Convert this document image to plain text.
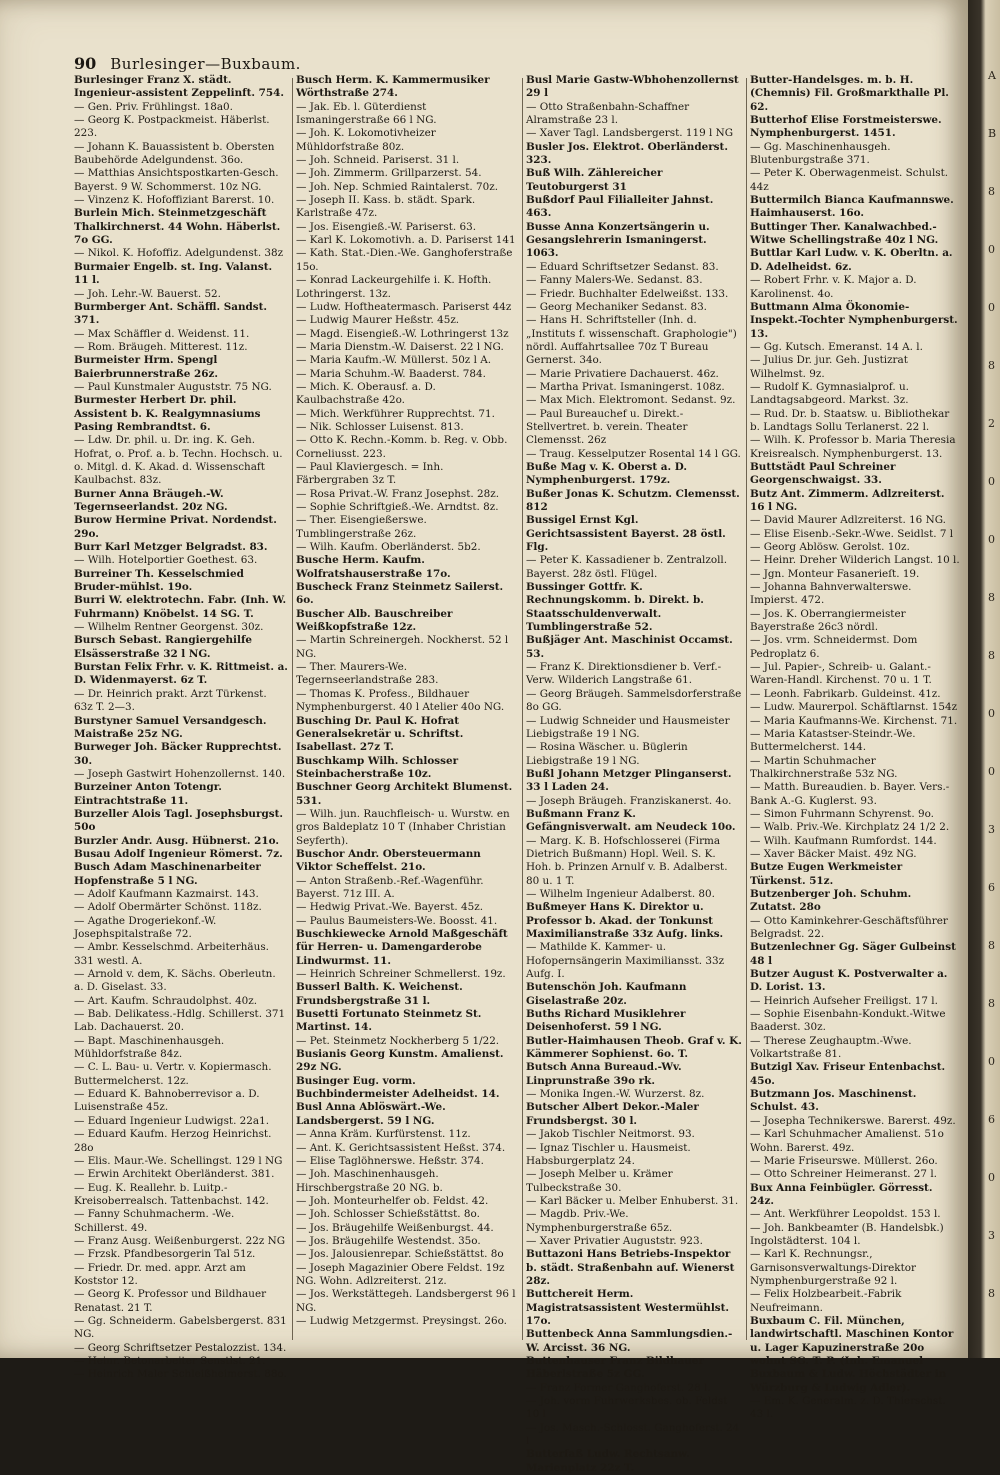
90 Burlesinger—Buxbaum.
Burlesinger Franz X. städt. Ingenieur-assistent Zeppelinft. 754.
— Gen. Priv. Frühlingst. 18a0.
— Georg K. Postpackmeist. Häberlst. 223.
— Johann K. Bauassistent b. Obersten Baubehörde Adelgundenst. 36o.
— Matthias Ansichtspostkarten-Gesch. Bayerst. 9 W. Schommerst. 10z NG.
— Vinzenz K. Hofoffiziant Barerst. 10.
Burlein Mich. Steinmetzgeschäft Thalkirchnerst. 44 Wohn. Häberlst. 7o GG.
— Nikol. K. Hofoffiz. Adelgundenst. 38z
Burmaier Engelb. st. Ing. Valanst. 11 l.
— Joh. Lehr.-W. Bauerst. 52.
Burmberger Ant. Schäffl. Sandst. 371.
— Max Schäffler d. Weidenst. 11.
— Rom. Bräugeh. Mitterest. 11z.
Burmeister Hrm. Spengl Baierbrunnerstraße 26z.
— Paul Kunstmaler Auguststr. 75 NG.
Burmester Herbert Dr. phil. Assistent b. K. Realgymnasiums Pasing Rembrandtst. 6.
— Ldw. Dr. phil. u. Dr. ing. K. Geh. Hofrat, o. Prof. a. b. Techn. Hochsch. u. o. Mitgl. d. K. Akad. d. Wissenschaft Kaulbachst. 83z.
Burner Anna Bräugeh.-W. Tegernseerlandst. 20z NG.
Burow Hermine Privat. Nordendst. 29o.
Burr Karl Metzger Belgradst. 83.
— Wilh. Hotelportier Goethest. 63.
Burreiner Th. Kesselschmied Bruder-mühlst. 19o.
Burri W. elektrotechn. Fabr. (Inh. W. Fuhrmann) Knöbelst. 14 SG. T.
— Wilhelm Rentner Georgenst. 30z.
Bursch Sebast. Rangiergehilfe Elsässerstraße 32 l NG.
Burstan Felix Frhr. v. K. Rittmeist. a. D. Widenmayerst. 6z T.
— Dr. Heinrich prakt. Arzt Türkenst. 63z T. 2—3.
Burstyner Samuel Versandgesch. Maistraße 25z NG.
Burweger Joh. Bäcker Rupprechtst. 30.
— Joseph Gastwirt Hohenzollernst. 140.
Burzeiner Anton Totengr. Eintrachtstraße 11.
Burzeller Alois Tagl. Josephsburgst. 50o
Burzler Andr. Ausg. Hübnerst. 21o.
Busau Adolf Ingenieur Römerst. 7z.
Busch Adam Maschinenarbeiter Hopfenstraße 5 l NG.
— Adolf Kaufmann Kazmairst. 143.
— Adolf Obermärter Schönst. 118z.
— Agathe Drogeriekonf.-W. Josephspitalstraße 72.
— Ambr. Kesselschmd. Arbeiterhäus. 331 westl. A.
— Arnold v. dem, K. Sächs. Oberleutn. a. D. Giselast. 33.
— Art. Kaufm. Schraudolphst. 40z.
— Bab. Delikatess.-Hdlg. Schillerst. 371 Lab. Dachauerst. 20.
— Bapt. Maschinenhausgeh. Mühldorfstraße 84z.
— C. L. Bau- u. Vertr. v. Kopiermasch. Buttermelcherst. 12z.
— Eduard K. Bahnoberrevisor a. D. Luisenstraße 45z.
— Eduard Ingenieur Ludwigst. 22a1.
— Eduard Kaufm. Herzog Heinrichst. 28o
— Elis. Maur.-We. Schellingst. 129 l NG
— Erwin Architekt Oberländerst. 381.
— Eug. K. Reallehr. b. Luitp.-Kreisoberrealsch. Tattenbachst. 142.
— Fanny Schuhmacherm. -We. Schillerst. 49.
— Franz Ausg. Weißenburgerst. 22z NG
— Frzsk. Pfandbesorgerin Tal 51z.
— Friedr. Dr. med. appr. Arzt am Koststor 12.
— Georg K. Professor und Bildhauer Renatast. 21 T.
— Gg. Schneiderm. Gabelsbergerst. 831 NG.
— Georg Schriftsetzer Pestalozzist. 134.
— Heinr. Betonarbeiter Senstlst. 21.
— Heinrich Maler Schleißheimerst. 88o.
Busch Herm. K. Kammermusiker Wörthstraße 274.
— Jak. Eb. l. Güterdienst Ismaningerstraße 66 l NG.
— Joh. K. Lokomotivheizer Mühldorfstraße 80z.
— Joh. Schneid. Pariserst. 31 l.
— Joh. Zimmerm. Grillparzerst. 54.
— Joh. Nep. Schmied Raintalerst. 70z.
— Joseph II. Kass. b. städt. Spark. Karlstraße 47z.
— Jos. Eisengieß.-W. Pariserst. 63.
— Karl K. Lokomotivh. a. D. Pariserst 141
— Kath. Stat.-Dien.-We. Ganghoferstraße 15o.
— Konrad Lackeurgehilfe i. K. Hofth. Lothringerst. 13z.
— Ludw. Hoftheatermasch. Pariserst 44z
— Ludwig Maurer Heßstr. 45z.
— Magd. Eisengieß.-W. Lothringerst 13z
— Maria Dienstm.-W. Daiserst. 22 l NG.
— Maria Kaufm.-W. Müllerst. 50z l A.
— Maria Schuhm.-W. Baaderst. 784.
— Mich. K. Oberausf. a. D. Kaulbachstraße 42o.
— Mich. Werkführer Rupprechtst. 71.
— Nik. Schlosser Luisenst. 813.
— Otto K. Rechn.-Komm. b. Reg. v. Obb. Corneliusst. 223.
— Paul Klaviergesch. = Inh. Färbergraben 3z T.
— Rosa Privat.-W. Franz Josephst. 28z.
— Sophie Schriftgieß.-We. Arndtst. 8z.
— Ther. Eisengießerswe. Tumblingerstraße 26z.
— Wilh. Kaufm. Oberländerst. 5b2.
Busche Herm. Kaufm. Wolfratshauserstraße 17o.
Buscheck Franz Steinmetz Sailerst. 6o.
Buscher Alb. Bauschreiber Weißkopfstraße 12z.
— Martin Schreinergeh. Nockherst. 52 l NG.
— Ther. Maurers-We. Tegernseerlandstraße 283.
— Thomas K. Profess., Bildhauer Nymphenburgerst. 40 l Atelier 40o NG.
Busching Dr. Paul K. Hofrat Generalsekretär u. Schriftst. Isabellast. 27z T.
Buschkamp Wilh. Schlosser Steinbacherstraße 10z.
Buschner Georg Architekt Blumenst. 531.
— Wilh. jun. Rauchfleisch- u. Wurstw. en gros Baldeplatz 10 T (Inhaber Christian Seyferth).
Buschor Andr. Obersteuermann Viktor Scheffelst. 21o.
— Anton Straßenb.-Ref.-Wagenführ. Bayerst. 71z III. A.
— Hedwig Privat.-We. Bayerst. 45z.
— Paulus Baumeisters-We. Boosst. 41.
Buschkiewecke Arnold Maßgeschäft für Herren- u. Damengarderobe Lindwurmst. 11.
— Heinrich Schreiner Schmellerst. 19z.
Busserl Balth. K. Weichenst. Frundsbergstraße 31 l.
Busetti Fortunato Steinmetz St. Martinst. 14.
— Pet. Steinmetz Nockherberg 5 1/22.
Busianis Georg Kunstm. Amalienst. 29z NG.
Businger Eug. vorm. Buchbindermeister Adelheidst. 14.
Busl Anna Ablöswärt.-We. Landsbergerst. 59 l NG.
— Anna Kräm. Kurfürstenst. 11z.
— Ant. K. Gerichtsassistent Heßst. 374.
— Elise Taglöhnerswe. Heßstr. 374.
— Joh. Maschinenhausgeh. Hirschbergstraße 20 NG. b.
— Joh. Monteurhelfer ob. Feldst. 42.
— Joh. Schlosser Schießstättst. 8o.
— Jos. Bräugehilfe Weißenburgst. 44.
— Jos. Bräugehilfe Westendst. 35o.
— Jos. Jalousienrepar. Schießstättst. 8o
— Joseph Magazinier Obere Feldst. 19z NG. Wohn. Adlzreiterst. 21z.
— Jos. Werkstättegeh. Landsbergerst 96 l NG.
— Ludwig Metzgermst. Preysingst. 26o.
Busl Marie Gastw-Wbhohenzollernst 29 l
— Otto Straßenbahn-Schaffner Alramstraße 23 l.
— Xaver Tagl. Landsbergerst. 119 l NG
Busler Jos. Elektrot. Oberländerst. 323.
Buß Wilh. Zählereicher Teutoburgerst 31
Bußdorf Paul Filialleiter Jahnst. 463.
Busse Anna Konzertsängerin u. Gesangslehrerin Ismaningerst. 1063.
— Eduard Schriftsetzer Sedanst. 83.
— Fanny Malers-We. Sedanst. 83.
— Friedr. Buchhalter Edelweißst. 133.
— Georg Mechaniker Sedanst. 83.
— Hans H. Schriftsteller (Inh. d. „Instituts f. wissenschaft. Graphologie") nördl. Auffahrtsallee 70z T Bureau Gernerst. 34o.
— Marie Privatiere Dachauerst. 46z.
— Martha Privat. Ismaningerst. 108z.
— Max Mich. Elektromont. Sedanst. 9z.
— Paul Bureauchef u. Direkt.-Stellvertret. b. verein. Theater Clemensst. 26z
— Traug. Kesselputzer Rosental 14 l GG.
Buße Mag v. K. Oberst a. D. Nymphenburgerst. 179z.
Bußer Jonas K. Schutzm. Clemensst. 812
Bussigel Ernst Kgl. Gerichtsassistent Bayerst. 28 östl. Flg.
— Peter K. Kassadiener b. Zentralzoll. Bayerst. 28z östl. Flügel.
Bussinger Gottfr. K. Rechnungskomm. b. Direkt. b. Staatsschuldenverwalt. Tumblingerstraße 52.
Bußjäger Ant. Maschinist Occamst. 53.
— Franz K. Direktionsdiener b. Verf.-Verw. Wilderich Langstraße 61.
— Georg Bräugeh. Sammelsdorferstraße 8o GG.
— Ludwig Schneider und Hausmeister Liebigstraße 19 l NG.
— Rosina Wäscher. u. Büglerin Liebigstraße 19 l NG.
Bußl Johann Metzger Plinganserst. 33 l Laden 24.
— Joseph Bräugeh. Franziskanerst. 4o.
Bußmann Franz K. Gefängnisverwalt. am Neudeck 10o.
— Marg. K. B. Hofschlosserei (Firma Dietrich Bußmann) Hopl. Weil. S. K. Hoh. b. Prinzen Arnulf v. B. Adalberst. 80 u. 1 T.
— Wilhelm Ingenieur Adalberst. 80.
Bußmeyer Hans K. Direktor u. Professor b. Akad. der Tonkunst Maximilianstraße 33z Aufg. links.
— Mathilde K. Kammer- u. Hofopernsängerin Maximiliansst. 33z Aufg. I.
Butenschön Joh. Kaufmann Giselastraße 20z.
Buths Richard Musiklehrer Deisenhoferst. 59 l NG.
Butler-Haimhausen Theob. Graf v. K. Kämmerer Sophienst. 6o. T.
Butsch Anna Bureaud.-Wv. Linprunstraße 39o rk.
— Monika Ingen.-W. Wurzerst. 8z.
Butscher Albert Dekor.-Maler Frundsbergst. 30 l.
— Jakob Tischler Neitmorst. 93.
— Ignaz Tischler u. Hausmeist. Habsburgerplatz 24.
— Joseph Melber u. Krämer Tulbeckstraße 30.
— Karl Bäcker u. Melber Enhuberst. 31.
— Magdb. Priv.-We. Nymphenburgerstraße 65z.
— Xaver Privatier Auguststr. 923.
Buttazoni Hans Betriebs-Inspektor b. städt. Straßenbahn auf. Wienerst 28z.
Buttchereit Herm. Magistratsassistent Westermühlst. 17o.
Buttenbeck Anna Sammlungsdien.-W. Arcisst. 36 NG.
Buttenhauser Franz Bildhauer Häberlstraße 5z GG.
— Franz Former Ganghoferst. 28 l.
— Joh. vorm Fuhrwerksbes. ob. Feldst 10 l
— Jos. Masch.-Schlosst. Ganghoferst. 24 l
Butterfaß Ludw. Rechtsanw. Marienplatz 22z T.
Butter-Handelsges. m. b. H. (Chemnis) Fil. Großmarkthalle Pl. 62.
Butterhof Elise Forstmeisterswe. Nymphenburgerst. 1451.
— Gg. Maschinenhausgeh. Blutenburgstraße 371.
— Peter K. Oberwagenmeist. Schulst. 44z
Buttermilch Bianca Kaufmannswe. Haimhauserst. 16o.
Buttinger Ther. Kanalwachbed.-Witwe Schellingstraße 40z l NG.
Buttlar Karl Ludw. v. K. Oberltn. a. D. Adelheidst. 6z.
— Robert Frhr. v. K. Major a. D. Karolinenst. 4o.
Buttmann Alma Ökonomie-Inspekt.-Tochter Nymphenburgerst. 13.
— Gg. Kutsch. Emeranst. 14 A. l.
— Julius Dr. jur. Geh. Justizrat Wilhelmst. 9z.
— Rudolf K. Gymnasialprof. u. Landtagsabgeord. Markst. 3z.
— Rud. Dr. b. Staatsw. u. Bibliothekar b. Landtags Sollu Terlanerst. 22 l.
— Wilh. K. Professor b. Maria Theresia Kreisrealsch. Nymphenburgerst. 13.
Buttstädt Paul Schreiner Georgenschwaigst. 33.
Butz Ant. Zimmerm. Adlzreiterst. 16 l NG.
— David Maurer Adlzreiterst. 16 NG.
— Elise Eisenb.-Sekr.-Wwe. Seidlst. 7 l
— Georg Ablösw. Gerolst. 10z.
— Heinr. Dreher Wilderich Langst. 10 l.
— Jgn. Monteur Fasanerieſt. 19.
— Johanna Bahnverwalterswe. Impierst. 472.
— Jos. K. Oberrangiermeister Bayerstraße 26c3 nördl.
— Jos. vrm. Schneidermst. Dom Pedroplatz 6.
— Jul. Papier-, Schreib- u. Galant.-Waren-Handl. Kirchenst. 70 u. 1 T.
— Leonh. Fabrikarb. Guldeinst. 41z.
— Ludw. Maurerpol. Schäftlarnst. 154z
— Maria Kaufmanns-We. Kirchenst. 71.
— Maria Katastser-Steindr.-We. Buttermelcherst. 144.
— Martin Schuhmacher Thalkirchnerstraße 53z NG.
— Matth. Bureaudien. b. Bayer. Vers.-Bank A.-G. Kuglerst. 93.
— Simon Fuhrmann Schyrenst. 9o.
— Walb. Priv.-We. Kirchplatz 24 1/2 2.
— Wilh. Kaufmann Rumfordst. 144.
— Xaver Bäcker Maist. 49z NG.
Butze Eugen Werkmeister Türkenst. 51z.
Butzenberger Joh. Schuhm. Zutatst. 28o
— Otto Kaminkehrer-Geschäftsführer Belgradst. 22.
Butzenlechner Gg. Säger Gulbeinst 48 l
Butzer August K. Postverwalter a. D. Lorist. 13.
— Heinrich Aufseher Freiligst. 17 l.
— Sophie Eisenbahn-Kondukt.-Witwe Baaderst. 30z.
— Therese Zeughauptm.-Wwe. Volkartstraße 81.
Butzigl Xav. Friseur Entenbachst. 45o.
Butzmann Jos. Maschinenst. Schulst. 43.
— Josepha Technikerswe. Barerst. 49z.
— Karl Schuhmacher Amalienst. 51o Wohn. Barerst. 49z.
— Marie Friseurswe. Müllerst. 26o.
— Otto Schreiner Heimeranst. 27 l.
Bux Anna Feinbügler. Görresst. 24z.
— Ant. Werkführer Leopoldst. 153 l.
— Joh. Bankbeamter (B. Handelsbk.) Ingolstädterst. 104 l.
— Karl K. Rechnungsr., Garnisonsverwaltungs-Direktor Nymphenburgerstraße 92 l.
— Felix Holzbearbeit.-Fabrik Neufreimann.
Buxbaum C. Fil. München, landwirtschaftl. Maschinen Kontor u. Lager Kapuzinerstraße 20o wohnt SG. T. P. (Inh. Emanuel Buxbaum & Ludw. Höchstädter in Würzburg & Ludwig Adler).
— Em. K. Generalm. z. D. Thierschst. 43 l.
A
B
8
0
0
8
2
0
0
8
8
0
0
3
6
8
8
0
6
0
3
8
